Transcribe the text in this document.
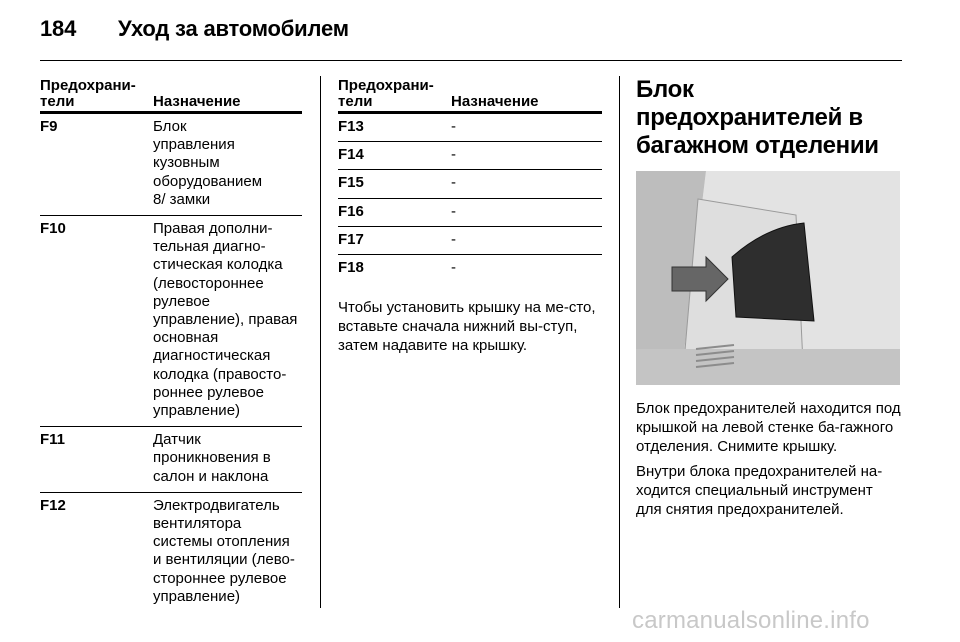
184 Уход за автомобилем
Предохрани-
тели	Назначение
F9	Блок управления кузовным оборудованием 8/ замки
F10	Правая дополни-тельная диагно-стическая колодка (левостороннее рулевое управление), правая основная диагностическая колодка (правосто-роннее рулевое управление)
F11	Датчик проникновения в салон и наклона
F12	Электродвигатель вентилятора системы отопления и вентиляции (лево-стороннее рулевое управление)
Предохрани-
тели	Назначение
F13	-
F14	-
F15	-
F16	-
F17	-
F18	-

Чтобы установить крышку на ме-сто, вставьте сначала нижний вы-ступ, затем надавите на крышку.

Блок предохранителей в багажном отделении

Блок предохранителей находится под крышкой на левой стенке ба-гажного отделения. Снимите крышку.

Внутри блока предохранителей на-ходится специальный инструмент для снятия предохранителей.

carmanualsonline.info
